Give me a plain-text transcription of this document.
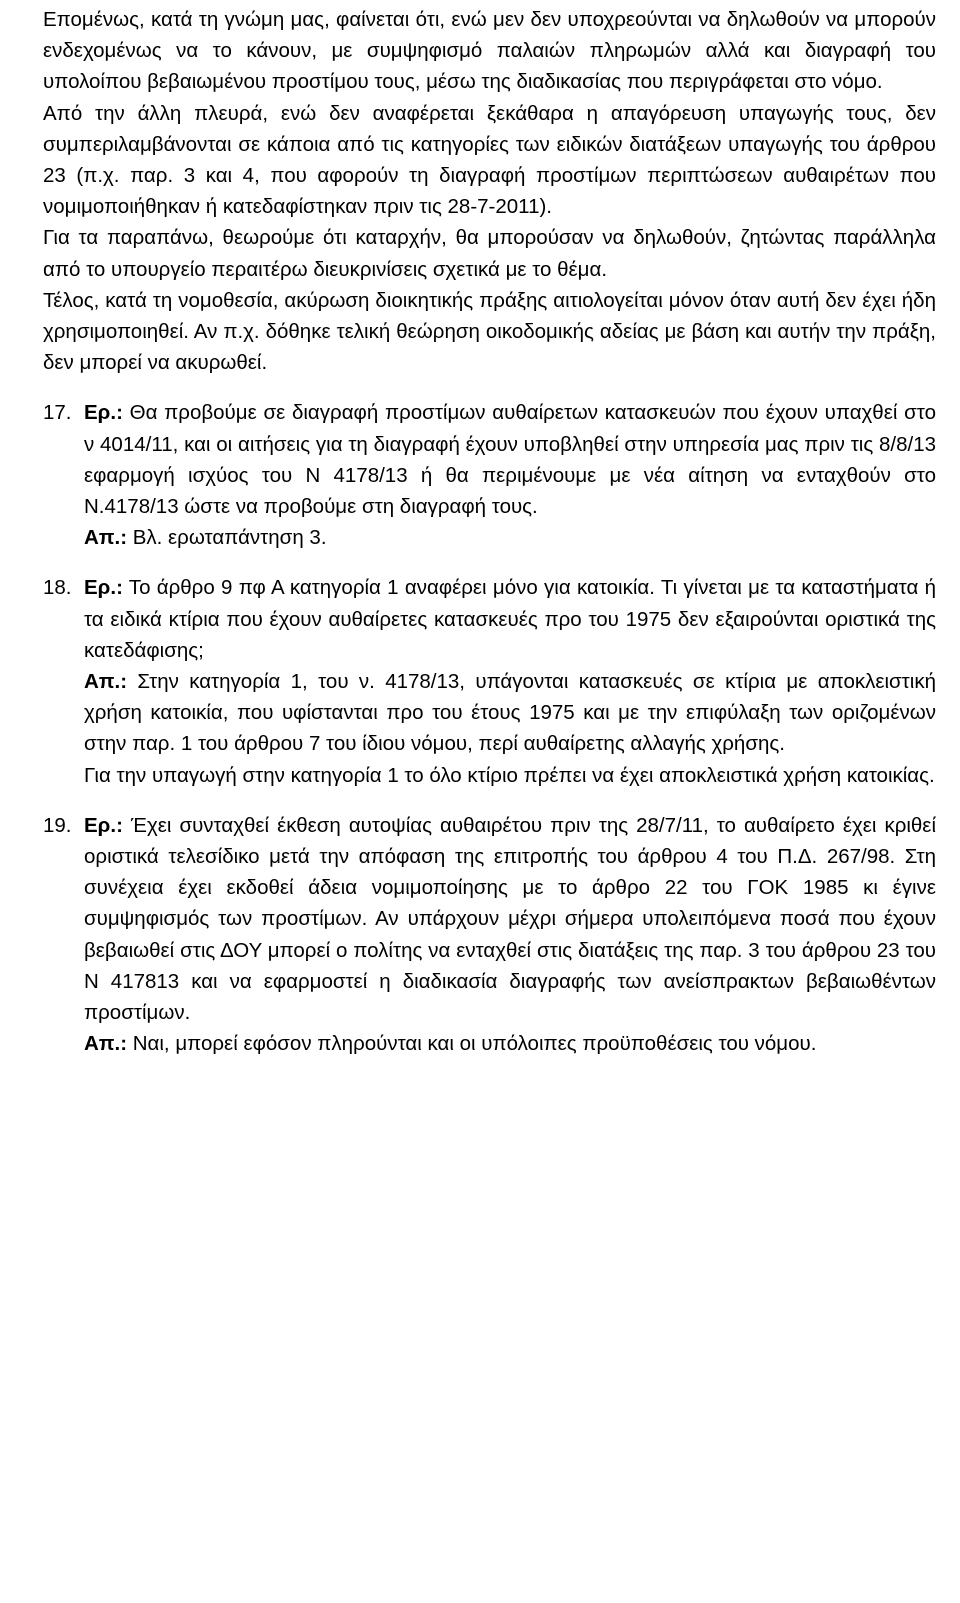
Επομένως, κατά τη γνώμη μας, φαίνεται ότι, ενώ μεν δεν υποχρεούνται να δηλωθούν να μπορούν ενδεχομένως να το κάνουν, με συμψηφισμό παλαιών πληρωμών αλλά και διαγραφή του υπολοίπου βεβαιωμένου προστίμου τους, μέσω της διαδικασίας που περιγράφεται στο νόμο.

Από την άλλη πλευρά, ενώ δεν αναφέρεται ξεκάθαρα η απαγόρευση υπαγωγής τους, δεν συμπεριλαμβάνονται σε κάποια από τις κατηγορίες των ειδικών διατάξεων υπαγωγής του άρθρου 23 (π.χ. παρ. 3 και 4, που αφορούν τη διαγραφή προστίμων περιπτώσεων αυθαιρέτων που νομιμοποιήθηκαν ή κατεδαφίστηκαν πριν τις 28-7-2011).

Για τα παραπάνω, θεωρούμε ότι καταρχήν, θα μπορούσαν να δηλωθούν, ζητώντας παράλληλα από το υπουργείο περαιτέρω διευκρινίσεις σχετικά με το θέμα.

Τέλος, κατά τη νομοθεσία, ακύρωση διοικητικής πράξης αιτιολογείται μόνον όταν αυτή δεν έχει ήδη χρησιμοποιηθεί. Αν π.χ. δόθηκε τελική θεώρηση οικοδομικής αδείας με βάση και αυτήν την πράξη, δεν μπορεί να ακυρωθεί.

17. Ερ.: Θα προβούμε σε διαγραφή προστίμων αυθαίρετων κατασκευών που έχουν υπαχθεί στο ν 4014/11, και οι αιτήσεις για τη διαγραφή έχουν υποβληθεί στην υπηρεσία μας πριν τις 8/8/13 εφαρμογή ισχύος του Ν 4178/13 ή θα περιμένουμε με νέα αίτηση να ενταχθούν στο Ν.4178/13 ώστε να προβούμε στη διαγραφή τους.

Απ.: Βλ. ερωταπάντηση 3.

18. Ερ.: Το άρθρο 9 πφ Α κατηγορία 1 αναφέρει μόνο για κατοικία. Τι γίνεται με τα καταστήματα ή τα ειδικά κτίρια που έχουν αυθαίρετες κατασκευές προ του 1975 δεν εξαιρούνται οριστικά της κατεδάφισης;

Απ.: Στην κατηγορία 1, του ν. 4178/13, υπάγονται κατασκευές σε κτίρια με αποκλειστική χρήση κατοικία, που υφίστανται προ του έτους 1975 και με την επιφύλαξη των οριζομένων στην παρ. 1 του άρθρου 7 του ίδιου νόμου, περί αυθαίρετης αλλαγής χρήσης.

Για την υπαγωγή στην κατηγορία 1 το όλο κτίριο πρέπει να έχει αποκλειστικά χρήση κατοικίας.

19. Ερ.: Έχει συνταχθεί έκθεση αυτοψίας αυθαιρέτου πριν της 28/7/11, το αυθαίρετο έχει κριθεί οριστικά τελεσίδικο μετά την απόφαση της επιτροπής του άρθρου 4 του Π.Δ. 267/98. Στη συνέχεια έχει εκδοθεί άδεια νομιμοποίησης με το άρθρο 22 του ΓΟΚ 1985 κι έγινε συμψηφισμός των προστίμων. Αν υπάρχουν μέχρι σήμερα υπολειπόμενα ποσά που έχουν βεβαιωθεί στις ΔΟΥ μπορεί ο πολίτης να ενταχθεί στις διατάξεις της παρ. 3 του άρθρου 23 του Ν 417813 και να εφαρμοστεί η διαδικασία διαγραφής των ανείσπρακτων βεβαιωθέντων προστίμων.

Απ.: Ναι, μπορεί εφόσον πληρούνται και οι υπόλοιπες προϋποθέσεις του νόμου.
